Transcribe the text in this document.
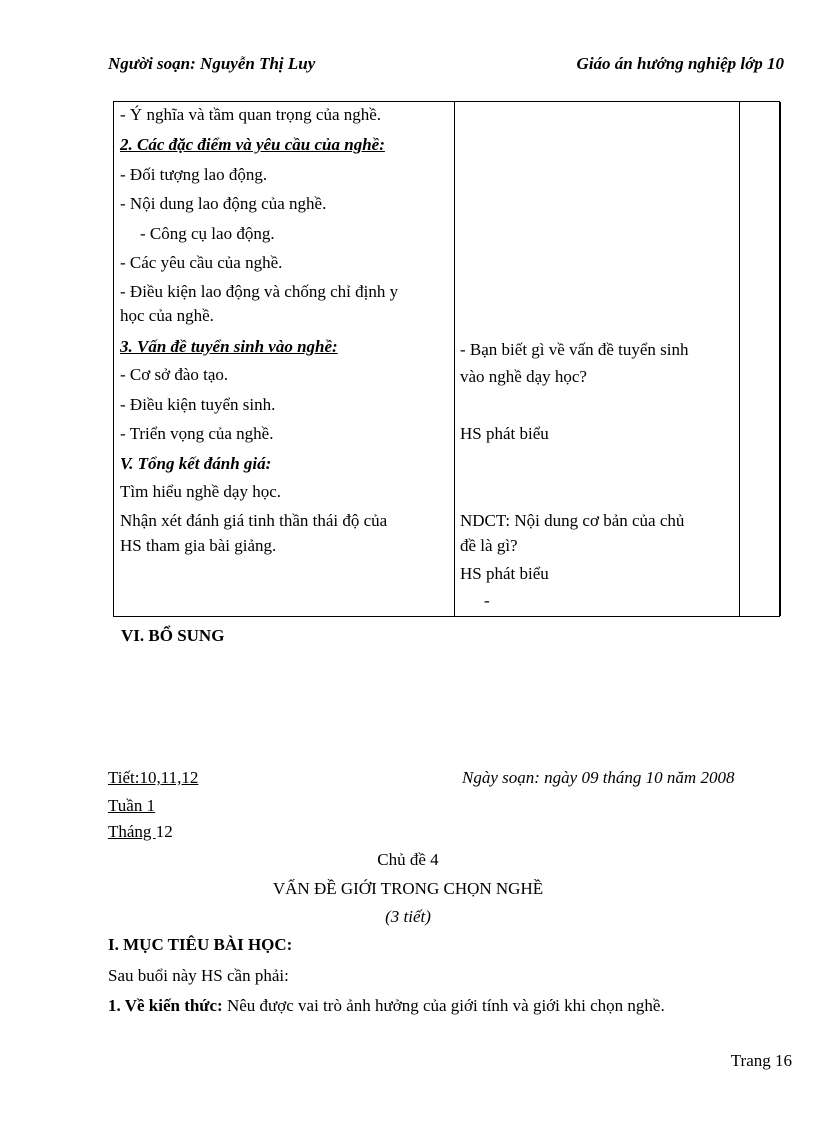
Người soạn: Nguyễn Thị Luy	Giáo án hướng nghiệp lớp 10
- Ý nghĩa và tầm quan trọng của nghề.
2. Các đặc điểm và yêu cầu của nghề:
- Đối tượng lao động.
- Nội dung lao động của nghề.
- Công cụ lao động.
- Các yêu cầu của nghề.
- Điều kiện lao động và chống chỉ định y
học của nghề.
3. Vấn đề tuyển sinh vào nghề:
- Cơ sở đào tạo.
- Điều kiện tuyển sinh.
- Triển vọng của nghề.
V. Tổng kết đánh giá:
Tìm hiểu nghề dạy học.
Nhận xét đánh giá tinh thần thái độ của
HS tham gia bài giảng.
- Bạn biết gì về vấn đề tuyển sinh
vào nghề dạy học?
HS phát biểu
NDCT: Nội dung cơ bản của chủ
đề là gì?
HS phát biểu
-
VI. BỔ SUNG
Tiết:10,11,12
Tuần 1
Tháng 12
Ngày soạn: ngày 09 tháng 10 năm 2008
Chủ đề 4
VẤN ĐỀ GIỚI TRONG CHỌN NGHỀ
(3 tiết)
I. MỤC TIÊU BÀI HỌC:
Sau buổi này HS cần phải:
1. Về kiến thức: Nêu được vai trò ảnh hưởng của giới tính và giới khi chọn nghề.
Trang 16
